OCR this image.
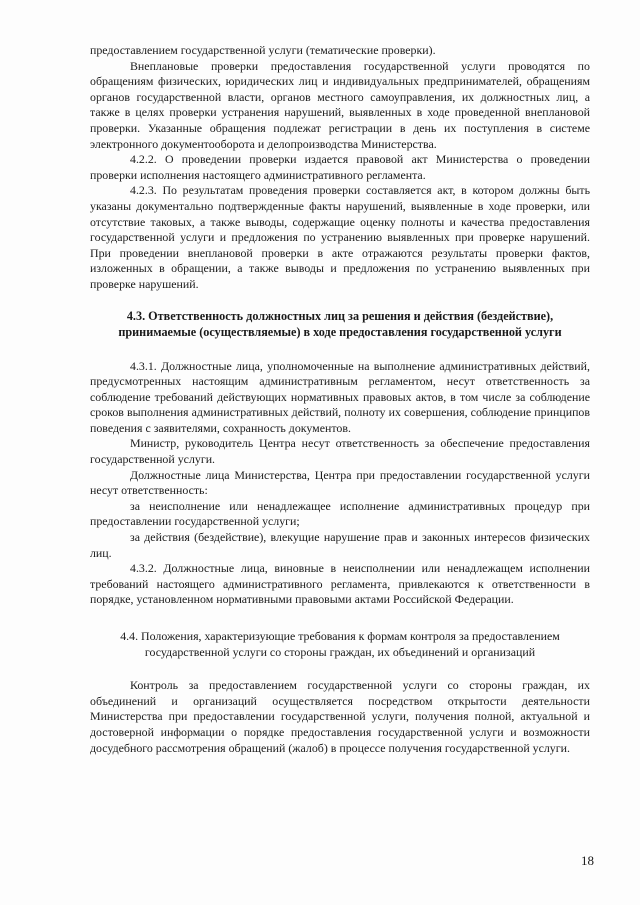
предоставлением государственной услуги (тематические проверки).

Внеплановые проверки предоставления государственной услуги проводятся по обращениям физических, юридических лиц и индивидуальных предпринимателей, обращениям органов государственной власти, органов местного самоуправления, их должностных лиц, а также в целях проверки устранения нарушений, выявленных в ходе проведенной внеплановой проверки. Указанные обращения подлежат регистрации в день их поступления в системе электронного документооборота и делопроизводства Министерства.

4.2.2. О проведении проверки издается правовой акт Министерства о проведении проверки исполнения настоящего административного регламента.

4.2.3. По результатам проведения проверки составляется акт, в котором должны быть указаны документально подтвержденные факты нарушений, выявленные в ходе проверки, или отсутствие таковых, а также выводы, содержащие оценку полноты и качества предоставления государственной услуги и предложения по устранению выявленных при проверке нарушений. При проведении внеплановой проверки в акте отражаются результаты проверки фактов, изложенных в обращении, а также выводы и предложения по устранению выявленных при проверке нарушений.

4.3. Ответственность должностных лиц за решения и действия (бездействие), принимаемые (осуществляемые) в ходе предоставления государственной услуги

4.3.1. Должностные лица, уполномоченные на выполнение административных действий, предусмотренных настоящим административным регламентом, несут ответственность за соблюдение требований действующих нормативных правовых актов, в том числе за соблюдение сроков выполнения административных действий, полноту их совершения, соблюдение принципов поведения с заявителями, сохранность документов.

Министр, руководитель Центра несут ответственность за обеспечение предоставления государственной услуги.

Должностные лица Министерства, Центра при предоставлении государственной услуги несут ответственность:

за неисполнение или ненадлежащее исполнение административных процедур при предоставлении государственной услуги;

за действия (бездействие), влекущие нарушение прав и законных интересов физических лиц.

4.3.2. Должностные лица, виновные в неисполнении или ненадлежащем исполнении требований настоящего административного регламента, привлекаются к ответственности в порядке, установленном нормативными правовыми актами Российской Федерации.

4.4. Положения, характеризующие требования к формам контроля за предоставлением государственной услуги со стороны граждан, их объединений и организаций

Контроль за предоставлением государственной услуги со стороны граждан, их объединений и организаций осуществляется посредством открытости деятельности Министерства при предоставлении государственной услуги, получения полной, актуальной и достоверной информации о порядке предоставления государственной услуги и возможности досудебного рассмотрения обращений (жалоб) в процессе получения государственной услуги.

18
